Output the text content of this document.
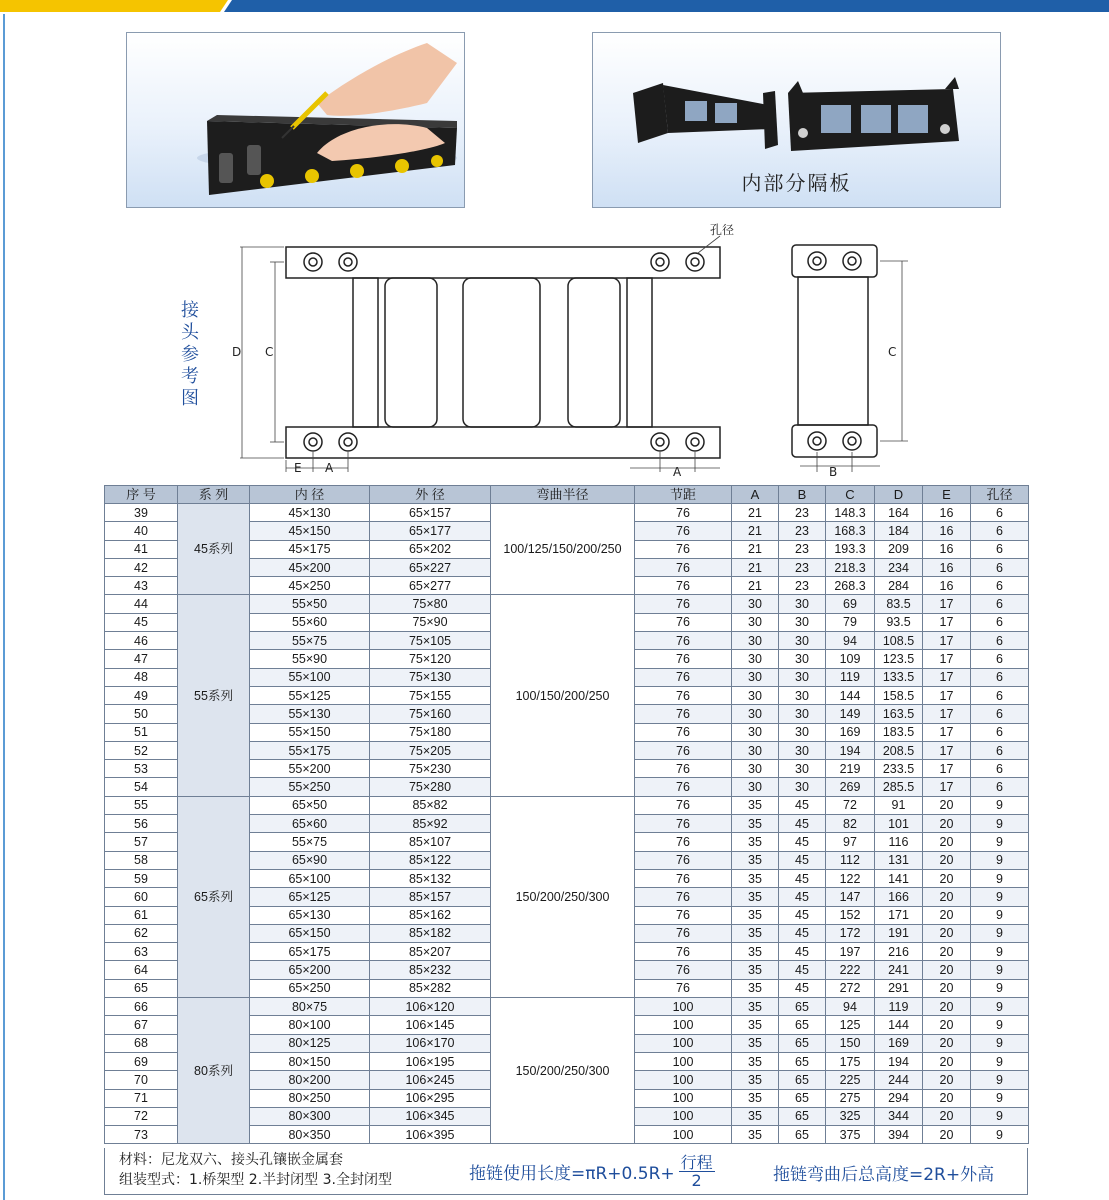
内部分隔板
接
头
参
考
图
D C
E A	A
C
B
孔径
序 号	系 列	内 径	外 径	弯曲半径	节距	A	B	C	D	E	孔径
39	45系列	45×130	65×157	100/125/150/200/250	76	21	23	148.3	164	16	6
40		45×150	65×177		76	21	23	168.3	184	16	6
41		45×175	65×202		76	21	23	193.3	209	16	6
42		45×200	65×227		76	21	23	218.3	234	16	6
43		45×250	65×277		76	21	23	268.3	284	16	6
44	55系列	55×50	75×80	100/150/200/250	76	30	30	69	83.5	17	6
45		55×60	75×90		76	30	30	79	93.5	17	6
46		55×75	75×105		76	30	30	94	108.5	17	6
47		55×90	75×120		76	30	30	109	123.5	17	6
48		55×100	75×130		76	30	30	119	133.5	17	6
49		55×125	75×155		76	30	30	144	158.5	17	6
50		55×130	75×160		76	30	30	149	163.5	17	6
51		55×150	75×180		76	30	30	169	183.5	17	6
52		55×175	75×205		76	30	30	194	208.5	17	6
53		55×200	75×230		76	30	30	219	233.5	17	6
54		55×250	75×280		76	30	30	269	285.5	17	6
55	65系列	65×50	85×82	150/200/250/300	76	35	45	72	91	20	9
56		65×60	85×92		76	35	45	82	101	20	9
57		55×75	85×107		76	35	45	97	116	20	9
58		65×90	85×122		76	35	45	112	131	20	9
59		65×100	85×132		76	35	45	122	141	20	9
60		65×125	85×157		76	35	45	147	166	20	9
61		65×130	85×162		76	35	45	152	171	20	9
62		65×150	85×182		76	35	45	172	191	20	9
63		65×175	85×207		76	35	45	197	216	20	9
64		65×200	85×232		76	35	45	222	241	20	9
65		65×250	85×282		76	35	45	272	291	20	9
66	80系列	80×75	106×120	150/200/250/300	100	35	65	94	119	20	9
67		80×100	106×145		100	35	65	125	144	20	9
68		80×125	106×170		100	35	65	150	169	20	9
69		80×150	106×195		100	35	65	175	194	20	9
70		80×200	106×245		100	35	65	225	244	20	9
71		80×250	106×295		100	35	65	275	294	20	9
72		80×300	106×345		100	35	65	325	344	20	9
73		80×350	106×395		100	35	65	375	394	20	9
材料：尼龙双六、接头孔镶嵌金属套
组装型式：1.桥架型 2.半封闭型 3.全封闭型	拖链使用长度$=\pi R+0.5R+ \frac{\text{行程}}{2}$	拖链弯曲后总高度=2R+外高
